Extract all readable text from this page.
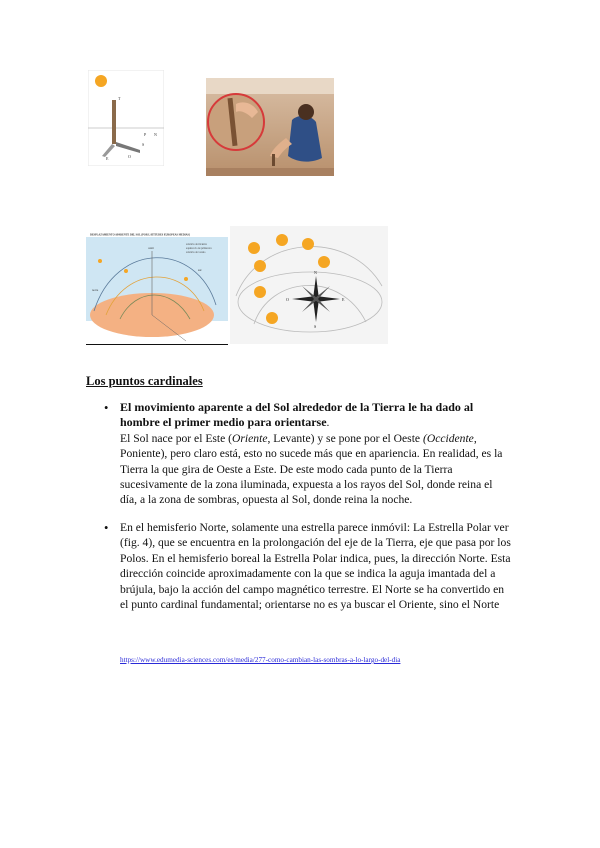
T
P N
S
E	O
DESPLAZAMIENTO APARENTE DEL SOL (POR LATITUDES EUROPEAS MEDIAS)
solsticio de invierno
equinoccio de primavera
solsticio de verano
cenit
sur
norte
N
S
E
O
Los puntos cardinales
• El movimiento aparente a del Sol alrededor de la Tierra le ha dado al hombre el primer medio para orientarse.
El Sol nace por el Este (Oriente, Levante) y se pone por el Oeste (Occidente, Poniente), pero claro está, esto no sucede más que en apariencia. En realidad, es la Tierra la que gira de Oeste a Este. De este modo cada punto de la Tierra sucesivamente de la zona iluminada, expuesta a los rayos del Sol, donde reina el día, a la zona de sombras, opuesta al Sol, donde reina la noche.

• En el hemisferio Norte, solamente una estrella parece inmóvil: La Estrella Polar ver (fig. 4), que se encuentra en la prolongación del eje de la Tierra, eje que pasa por los Polos. En el hemisferio boreal la Estrella Polar indica, pues, la dirección Norte. Esta dirección coincide aproximadamente con la que se indica la aguja imantada del a brújula, bajo la acción del campo magnético terrestre. El Norte se ha convertido en el punto cardinal fundamental; orientarse no es ya buscar el Oriente, sino el Norte

https://www.edumedia-sciences.com/es/media/277-como-cambian-las-sombras-a-lo-largo-del-dia
